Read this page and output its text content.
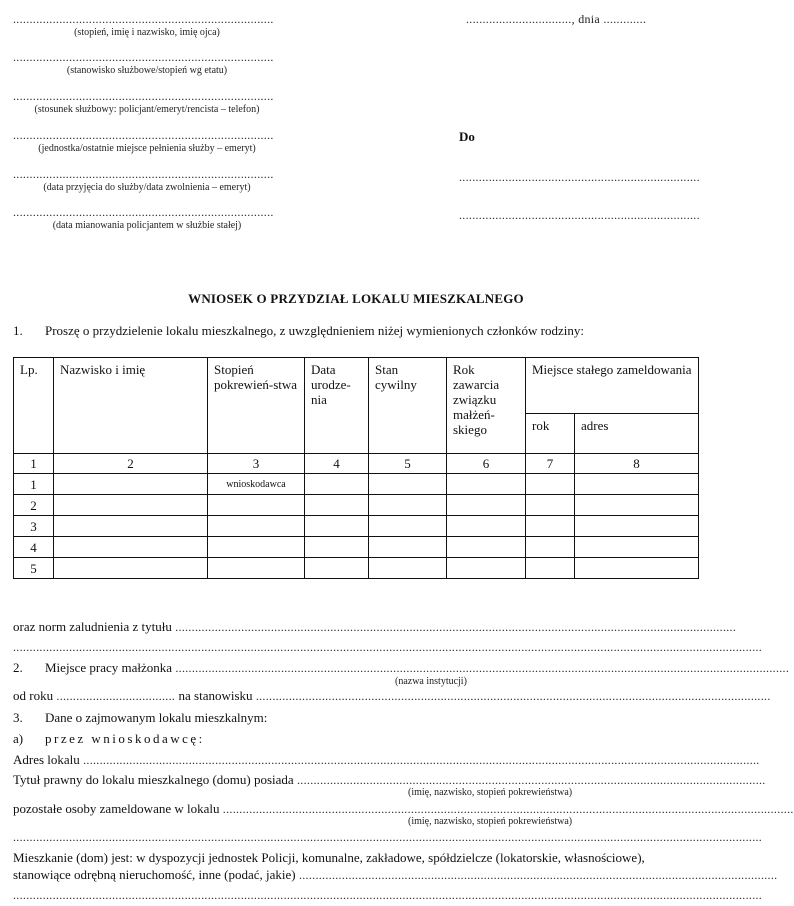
...............................................................................
(stopień, imię i nazwisko, imię ojca)
...............................................................................
(stanowisko służbowe/stopień wg etatu)
...............................................................................
(stosunek służbowy: policjant/emeryt/rencista – telefon)
...............................................................................
(jednostka/ostatnie miejsce pełnienia służby – emeryt)
...............................................................................
(data przyjęcia do służby/data zwolnienia – emeryt)
...............................................................................
(data mianowania policjantem w służbie stałej)
................................, dnia .............
Do
.........................................................................
.........................................................................
WNIOSEK O PRZYDZIAŁ LOKALU MIESZKALNEGO
1. Proszę o przydzielenie lokalu mieszkalnego, z uwzględnieniem niżej wymienionych członków rodziny:
Lp.	Nazwisko i imię	Stopień pokrewień-stwa	Data urodze-nia	Stan cywilny	Rok zawarcia związku małżeń-skiego	Miejsce stałego zameldowania	
						rok	adres
1	2	3	4	5	6	7	8
1		wnioskodawca					
2							
3							
4							
5							
oraz norm zaludnienia z tytułu ..........................................................................................................................................................................
...................................................................................................................................................................................................................................
2. Miejsce pracy małżonka ..........................................................................................................................................................................................
(nazwa instytucji)
od roku .................................... na stanowisku ............................................................................................................................................................
3. Dane o zajmowanym lokalu mieszkalnym:
a) przez wnioskodawcę:
Adres lokalu .............................................................................................................................................................................................................
Tytuł prawny do lokalu mieszkalnego (domu) posiada ..............................................................................................................................................
(imię, nazwisko, stopień pokrewieństwa)
pozostałe osoby zameldowane w lokalu .............................................................................................................................................................................
(imię, nazwisko, stopień pokrewieństwa)
...................................................................................................................................................................................................................................
Mieszkanie (dom) jest: w dyspozycji jednostek Policji, komunalne, zakładowe, spółdzielcze (lokatorskie, własnościowe),
stanowiące odrębną nieruchomość, inne (podać, jakie) .................................................................................................................................................
...................................................................................................................................................................................................................................
